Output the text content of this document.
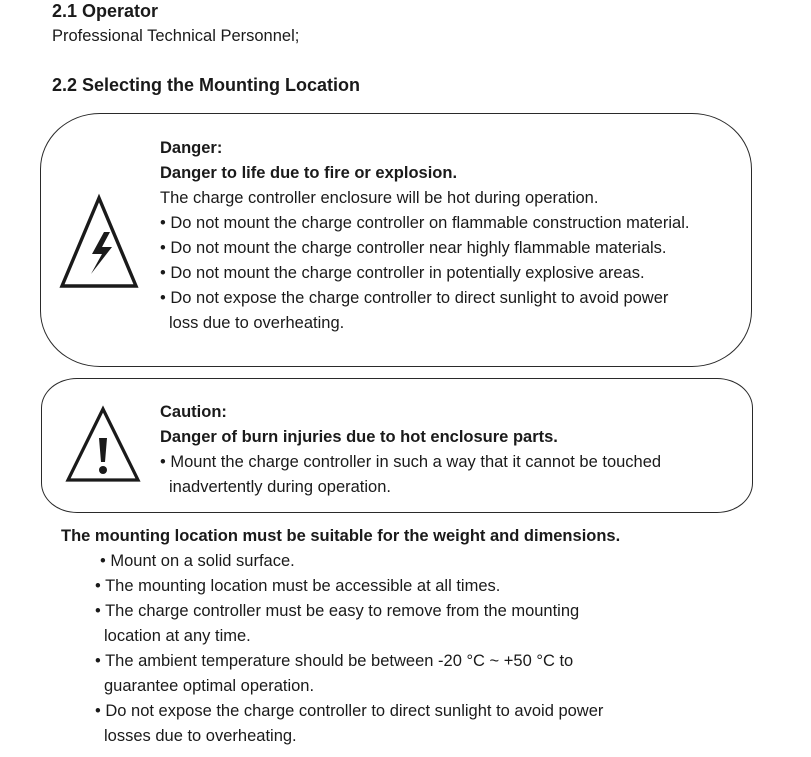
2.1 Operator
Professional Technical Personnel;
2.2 Selecting the Mounting Location
Danger:
Danger to life due to fire or explosion.
The charge controller enclosure will be hot during operation.
• Do not mount the charge controller on flammable construction material.
• Do not mount the charge controller near highly flammable materials.
• Do not mount the charge controller in potentially explosive areas.
• Do not expose the charge controller to direct sunlight to avoid power
loss due to overheating.
Caution:
Danger of burn injuries due to hot enclosure parts.
• Mount the charge controller in such a way that it cannot be touched
inadvertently during operation.
The mounting location must be suitable for the weight and dimensions.
• Mount on a solid surface.
• The mounting location must be accessible at all times.
• The charge controller must be easy to remove from the mounting
location at any time.
• The ambient temperature should be between -20 °C ~ +50 °C to
guarantee optimal operation.
• Do not expose the charge controller to direct sunlight to avoid power
losses due to overheating.
